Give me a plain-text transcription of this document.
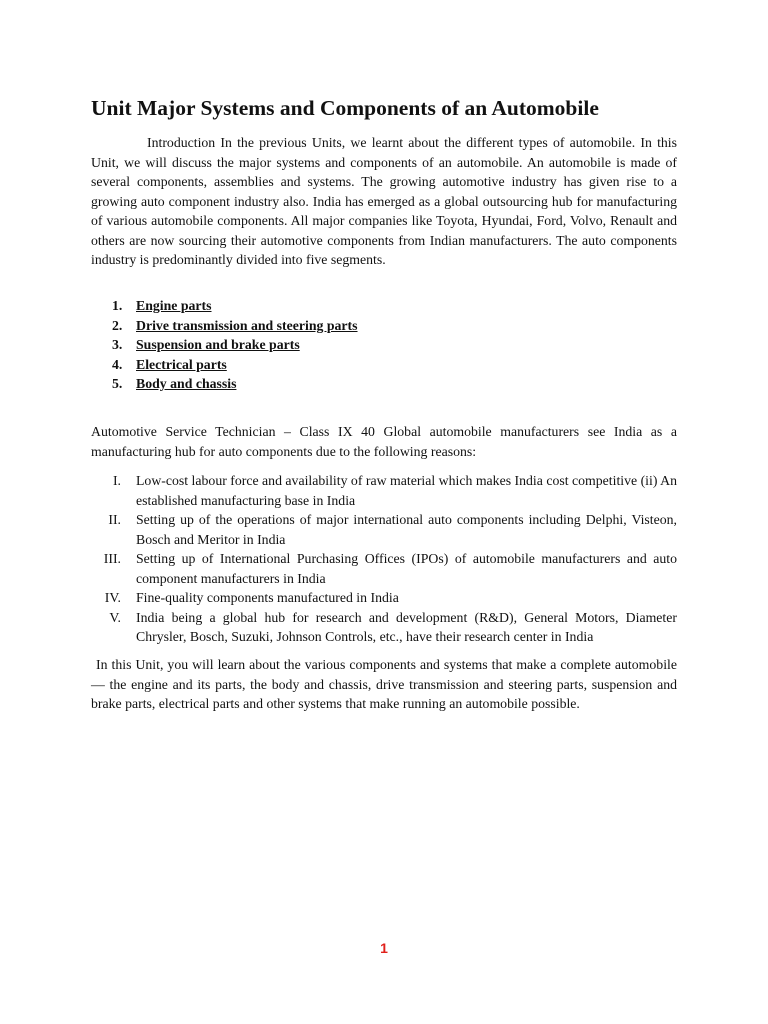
Unit Major Systems and Components of an Automobile

Introduction In the previous Units, we learnt about the different types of automobile. In this Unit, we will discuss the major systems and components of an automobile. An automobile is made of several components, assemblies and systems. The growing automotive industry has given rise to a growing auto component industry also. India has emerged as a global outsourcing hub for manufacturing of various automobile components. All major companies like Toyota, Hyundai, Ford, Volvo, Renault and others are now sourcing their automotive components from Indian manufacturers. The auto components industry is predominantly divided into five segments.

1. Engine parts
2. Drive transmission and steering parts
3. Suspension and brake parts
4. Electrical parts
5. Body and chassis

Automotive Service Technician – Class IX 40 Global automobile manufacturers see India as a manufacturing hub for auto components due to the following reasons:

I. Low-cost labour force and availability of raw material which makes India cost competitive (ii) An established manufacturing base in India
II. Setting up of the operations of major international auto components including Delphi, Visteon, Bosch and Meritor in India
III. Setting up of International Purchasing Offices (IPOs) of automobile manufacturers and auto component manufacturers in India
IV. Fine-quality components manufactured in India
V. India being a global hub for research and development (R&D), General Motors, Diameter Chrysler, Bosch, Suzuki, Johnson Controls, etc., have their research center in India

In this Unit, you will learn about the various components and systems that make a complete automobile — the engine and its parts, the body and chassis, drive transmission and steering parts, suspension and brake parts, electrical parts and other systems that make running an automobile possible.

1
